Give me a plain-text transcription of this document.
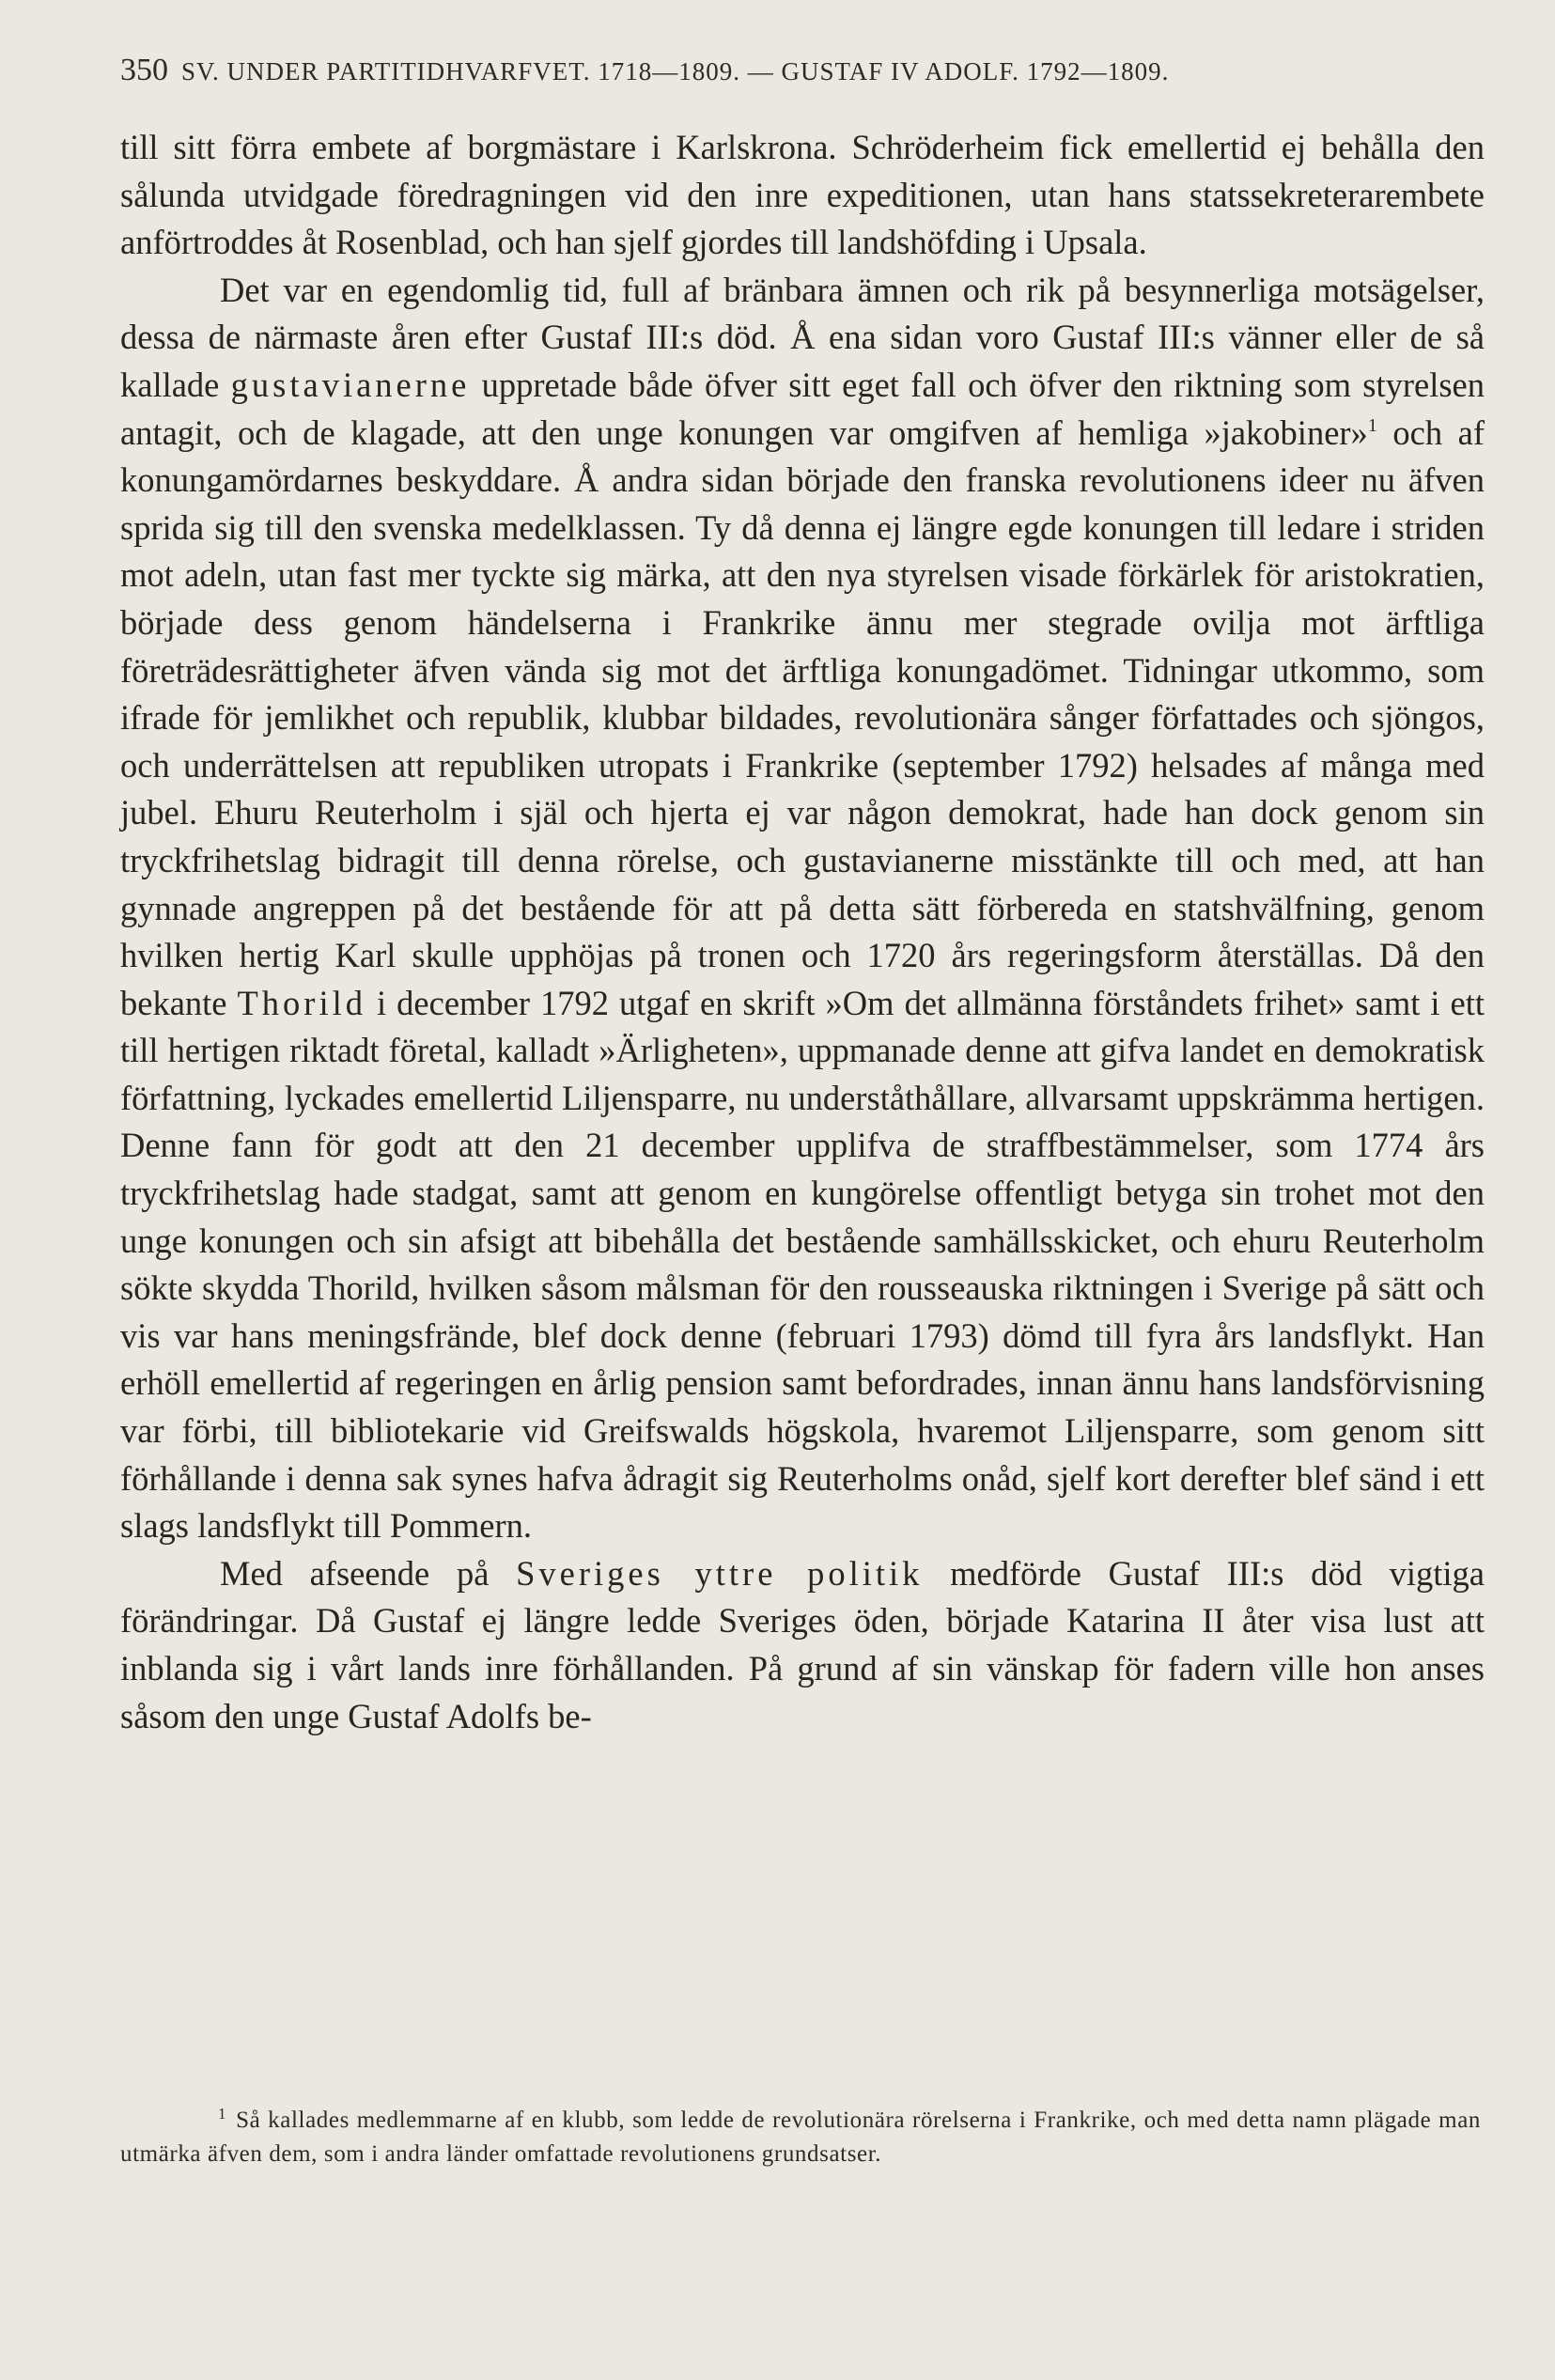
350 SV. UNDER PARTITIDHVARFVET. 1718—1809. — GUSTAF IV ADOLF. 1792—1809.

till sitt förra embete af borgmästare i Karlskrona. Schröderheim fick emellertid ej behålla den sålunda utvidgade föredragningen vid den inre expeditionen, utan hans statssekreterarembete anförtroddes åt Rosenblad, och han sjelf gjordes till landshöfding i Upsala.

Det var en egendomlig tid, full af bränbara ämnen och rik på besynnerliga motsägelser, dessa de närmaste åren efter Gustaf III:s död. Å ena sidan voro Gustaf III:s vänner eller de så kallade gustavianerne uppretade både öfver sitt eget fall och öfver den riktning som styrelsen antagit, och de klagade, att den unge konungen var omgifven af hemliga »jakobiner»$^1$ och af konungamördarnes beskyddare. Å andra sidan började den franska revolutionens ideer nu äfven sprida sig till den svenska medelklassen. Ty då denna ej längre egde konungen till ledare i striden mot adeln, utan fast mer tyckte sig märka, att den nya styrelsen visade förkärlek för aristokratien, började dess genom händelserna i Frankrike ännu mer stegrade ovilja mot ärftliga företrädesrättigheter äfven vända sig mot det ärftliga konungadömet. Tidningar utkommo, som ifrade för jemlikhet och republik, klubbar bildades, revolutionära sånger författades och sjöngos, och underrättelsen att republiken utropats i Frankrike (september 1792) helsades af många med jubel. Ehuru Reuterholm i själ och hjerta ej var någon demokrat, hade han dock genom sin tryckfrihetslag bidragit till denna rörelse, och gustavianerne misstänkte till och med, att han gynnade angreppen på det bestående för att på detta sätt förbereda en statshvälfning, genom hvilken hertig Karl skulle upphöjas på tronen och 1720 års regeringsform återställas. Då den bekante Thorild i december 1792 utgaf en skrift »Om det allmänna förståndets frihet» samt i ett till hertigen riktadt företal, kalladt »Ärligheten», uppmanade denne att gifva landet en demokratisk författning, lyckades emellertid Liljensparre, nu underståthållare, allvarsamt uppskrämma hertigen. Denne fann för godt att den 21 december upplifva de straffbestämmelser, som 1774 års tryckfrihetslag hade stadgat, samt att genom en kungörelse offentligt betyga sin trohet mot den unge konungen och sin afsigt att bibehålla det bestående samhällsskicket, och ehuru Reuterholm sökte skydda Thorild, hvilken såsom målsman för den rousseauska riktningen i Sverige på sätt och vis var hans meningsfrände, blef dock denne (februari 1793) dömd till fyra års landsflykt. Han erhöll emellertid af regeringen en årlig pension samt befordrades, innan ännu hans landsförvisning var förbi, till bibliotekarie vid Greifswalds högskola, hvaremot Liljensparre, som genom sitt förhållande i denna sak synes hafva ådragit sig Reuterholms onåd, sjelf kort derefter blef sänd i ett slags landsflykt till Pommern.

Med afseende på Sveriges yttre politik medförde Gustaf III:s död vigtiga förändringar. Då Gustaf ej längre ledde Sveriges öden, började Katarina II åter visa lust att inblanda sig i vårt lands inre förhållanden. På grund af sin vänskap för fadern ville hon anses såsom den unge Gustaf Adolfs be-

$^1$ Så kallades medlemmarne af en klubb, som ledde de revolutionära rörelserna i Frankrike, och med detta namn plägade man utmärka äfven dem, som i andra länder omfattade revolutionens grundsatser.
